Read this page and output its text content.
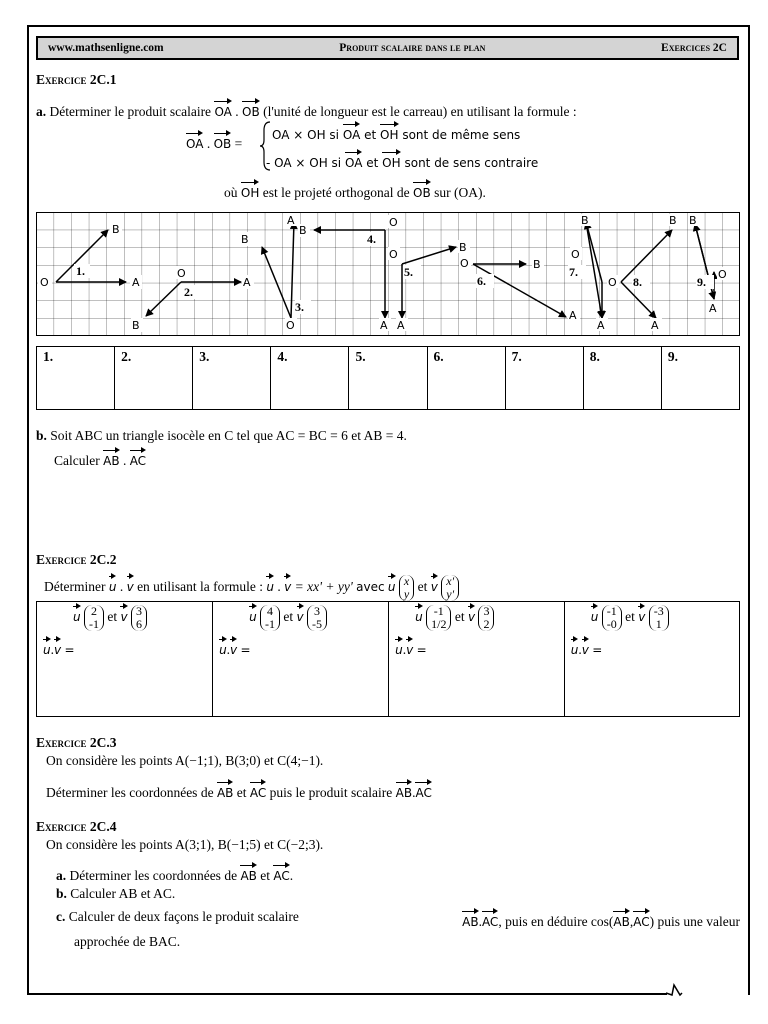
www.mathsenligne.com	Produit scalaire dans le plan	Exercices 2C
Exercice 2C.1
a. Déterminer le produit scalaire OA . OB (l'unité de longueur est le carreau) en utilisant la formule :
OA . OB =
OA × OH si OA et OH sont de même sens
- OA × OH si OA et OH sont de sens contraire
où OH est le projeté orthogonal de OB sur (OA).
O	A
B
1.	O
A
B
2.
O
B
A
B
3.
4.
A
O
O
B
A
5.
O	B
A
6.
B
O
O
A
7.
B
A
8.
B
O
A
9.
1.	2.	3.	4.	5.	6.	7.	8.	9.
b. Soit ABC un triangle isocèle en C tel que AC = BC = 6 et AB = 4.
Calculer AB . AC
Exercice 2C.2
Déterminer u . v en utilisant la formule : u . v = xx' + yy' avec u x
y et v x'
y'
u 2
-1 et v 3
6
u.v =

u 4
-1 et v 3
-5
u.v =

u -1
1/2 et v 3
2
u.v =

u -1
-0 et v -3
1
u.v =
Exercice 2C.3
On considère les points A(−1;1), B(3;0) et C(4;−1).
Déterminer les coordonnées de AB et AC puis le produit scalaire AB.AC
Exercice 2C.4
On considère les points A(3;1), B(−1;5) et C(−2;3).
a. Déterminer les coordonnées de AB et AC.
b. Calculer AB et AC.
c. Calculer de deux façons le produit scalaire	AB.AC, puis en déduire cos(AB,AC) puis une valeur
approchée de BAC.
